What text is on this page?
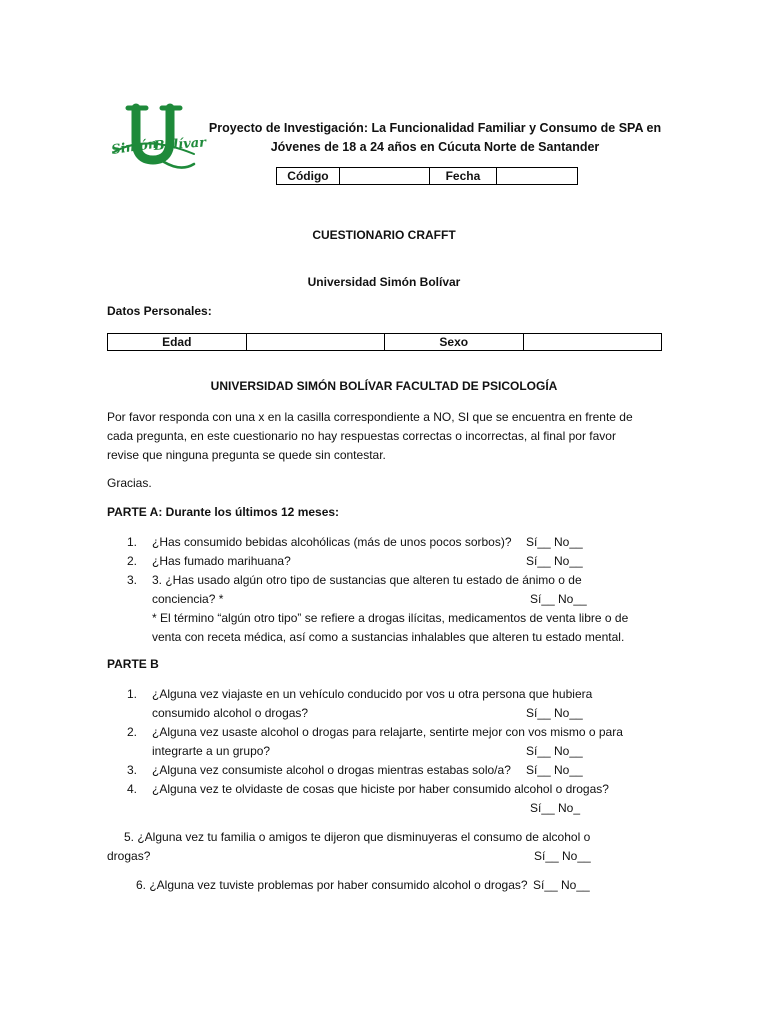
Simón
Bolívar
Proyecto de Investigación: La Funcionalidad Familiar y Consumo de SPA en
Jóvenes de 18 a 24 años en Cúcuta Norte de Santander
Código		Fecha	
CUESTIONARIO CRAFFT
Universidad Simón Bolívar
Datos Personales:
Edad		Sexo	
UNIVERSIDAD SIMÓN BOLÍVAR FACULTAD DE PSICOLOGÍA
Por favor responda con una x en la casilla correspondiente a NO, SI que se encuentra en frente de
cada pregunta, en este cuestionario no hay respuestas correctas o incorrectas, al final por favor
revise que ninguna pregunta se quede sin contestar.
Gracias.
PARTE A: Durante los últimos 12 meses:
1.	¿Has consumido bebidas alcohólicas (más de unos pocos sorbos)? Sí__ No__
2.	¿Has fumado marihuana?	Sí__ No__
3.	3. ¿Has usado algún otro tipo de sustancias que alteren tu estado de ánimo o de
conciencia? *	Sí__ No__
* El término “algún otro tipo” se refiere a drogas ilícitas, medicamentos de venta libre o de
venta con receta médica, así como a sustancias inhalables que alteren tu estado mental.
PARTE B
1.	¿Alguna vez viajaste en un vehículo conducido por vos u otra persona que hubiera
consumido alcohol o drogas?	Sí__ No__
2.	¿Alguna vez usaste alcohol o drogas para relajarte, sentirte mejor con vos mismo o para
integrarte a un grupo?	Sí__ No__
3.	¿Alguna vez consumiste alcohol o drogas mientras estabas solo/a? Sí__ No__
4.	¿Alguna vez te olvidaste de cosas que hiciste por haber consumido alcohol o drogas?
Sí__ No_
5. ¿Alguna vez tu familia o amigos te dijeron que disminuyeras el consumo de alcohol o
drogas?	Sí__ No__
6. ¿Alguna vez tuviste problemas por haber consumido alcohol o drogas? Sí__ No__
